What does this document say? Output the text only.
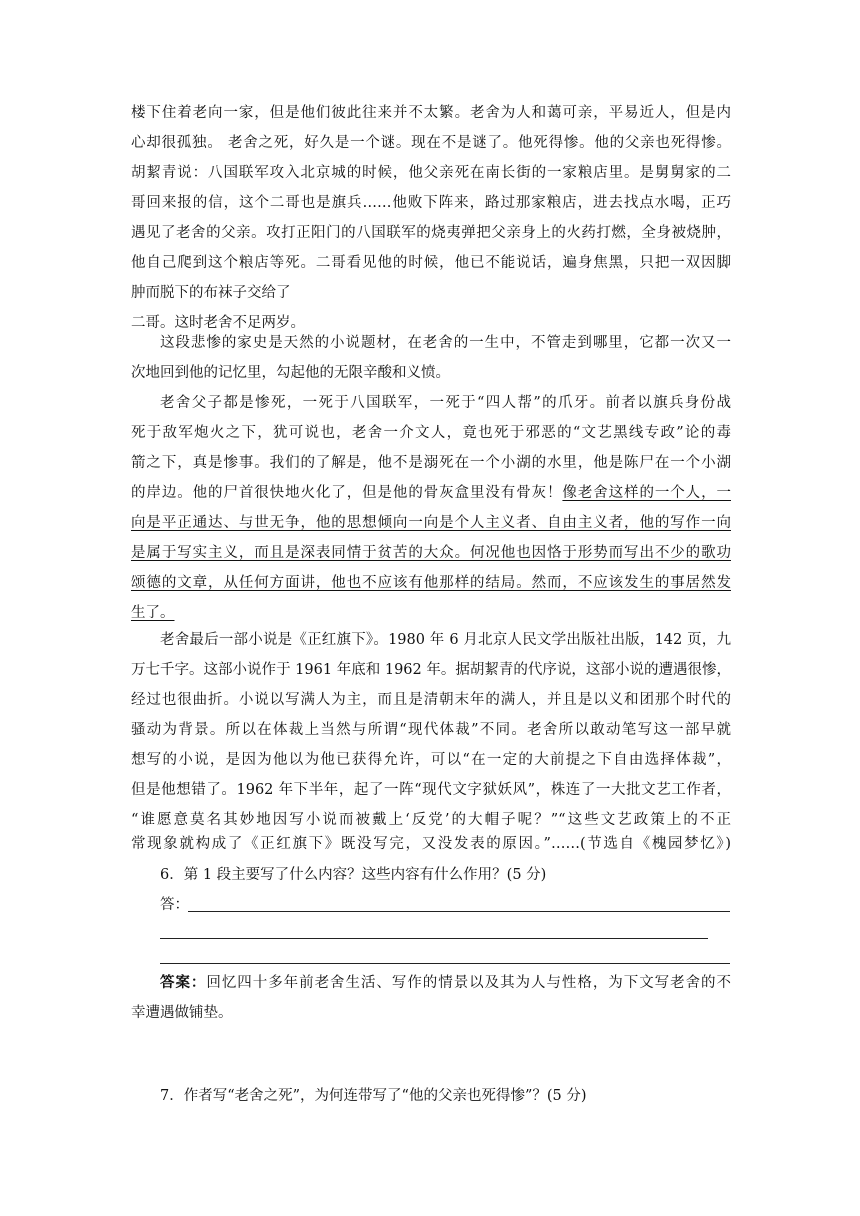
楼下住着老向一家，但是他们彼此往来并不太繁。老舍为人和蔼可亲，平易近人，但是内
心却很孤独。 老舍之死，好久是一个谜。现在不是谜了。他死得惨。他的父亲也死得惨。
胡絜青说：八国联军攻入北京城的时候，他父亲死在南长街的一家粮店里。是舅舅家的二
哥回来报的信，这个二哥也是旗兵……他败下阵来，路过那家粮店，进去找点水喝，正巧
遇见了老舍的父亲。攻打正阳门的八国联军的烧夷弹把父亲身上的火药打燃，全身被烧肿，
他自己爬到这个粮店等死。二哥看见他的时候，他已不能说话，遍身焦黑，只把一双因脚
肿而脱下的布袜子交给了
二哥。这时老舍不足两岁。
这段悲惨的家史是天然的小说题材，在老舍的一生中，不管走到哪里，它都一次又一
次地回到他的记忆里，勾起他的无限辛酸和义愤。
老舍父子都是惨死，一死于八国联军，一死于“四人帮”的爪牙。前者以旗兵身份战
死于敌军炮火之下，犹可说也，老舍一介文人，竟也死于邪恶的“文艺黑线专政”论的毒
箭之下，真是惨事。我们的了解是，他不是溺死在一个小湖的水里，他是陈尸在一个小湖
的岸边。他的尸首很快地火化了，但是他的骨灰盒里没有骨灰！像老舍这样的一个人，一
向是平正通达、与世无争，他的思想倾向一向是个人主义者、自由主义者，他的写作一向
是属于写实主义，而且是深表同情于贫苦的大众。何况他也因恪于形势而写出不少的歌功
颂德的文章，从任何方面讲，他也不应该有他那样的结局。然而，不应该发生的事居然发
生了。
老舍最后一部小说是《正红旗下》。1980 年 6 月北京人民文学出版社出版，142 页，九
万七千字。这部小说作于 1961 年底和 1962 年。据胡絜青的代序说，这部小说的遭遇很惨，
经过也很曲折。小说以写满人为主，而且是清朝末年的满人，并且是以义和团那个时代的
骚动为背景。所以在体裁上当然与所谓“现代体裁”不同。老舍所以敢动笔写这一部早就
想写的小说，是因为他以为他已获得允许，可以“在一定的大前提之下自由选择体裁”，
但是他想错了。1962 年下半年，起了一阵“现代文字狱妖风”，株连了一大批文艺工作者，
“谁愿意莫名其妙地因写小说而被戴上‘反党’的大帽子呢？”“这些文艺政策上的不正
常现象就构成了《正红旗下》既没写完，又没发表的原因。”……(节选自《槐园梦忆》)
6．第 1 段主要写了什么内容？这些内容有什么作用？(5 分)
答：
答案：回忆四十多年前老舍生活、写作的情景以及其为人与性格，为下文写老舍的不
幸遭遇做铺垫。
7．作者写“老舍之死”，为何连带写了“他的父亲也死得惨”？(5 分)
